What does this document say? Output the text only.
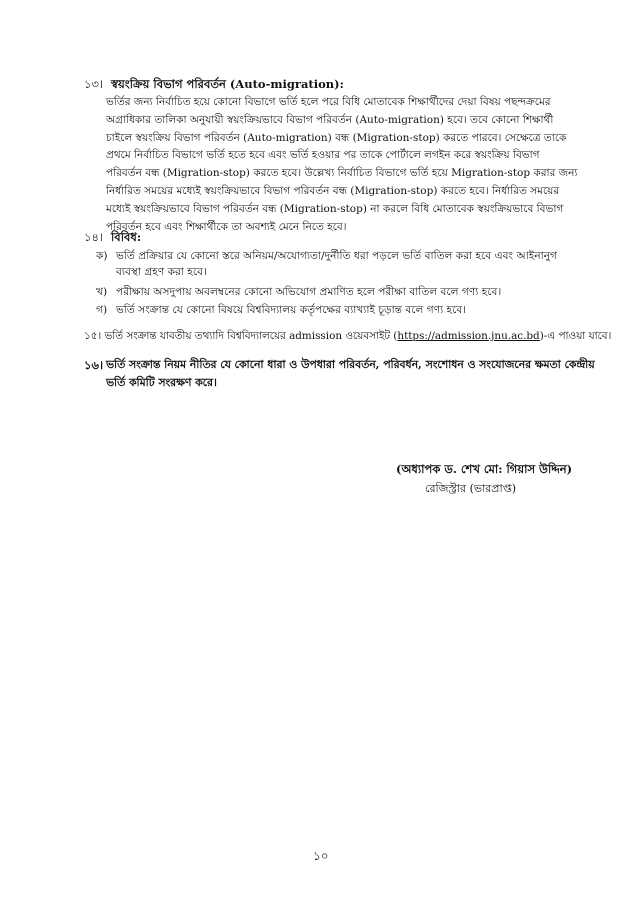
১৩। স্বয়ংক্রিয় বিভাগ পরিবর্তন (Auto-migration):
ভর্তির জন্য নির্বাচিত হয়ে কোনো বিভাগে ভর্তি হলে পরে বিধি মোতাবেক শিক্ষার্থীদের দেয়া বিষয় পছন্দক্রমের
অগ্রাধিকার তালিকা অনুযায়ী স্বয়ংক্রিয়ভাবে বিভাগ পরিবর্তন (Auto-migration) হবে। তবে কোনো শিক্ষার্থী
চাইলে স্বয়ংক্রিয় বিভাগ পরিবর্তন (Auto-migration) বন্ধ (Migration-stop) করতে পারবে। সেক্ষেত্রে তাকে
প্রথমে নির্বাচিত বিভাগে ভর্তি হতে হবে এবং ভর্তি হওয়ার পর তাকে পোর্টালে লগইন করে স্বয়ংক্রিয় বিভাগ
পরিবর্তন বন্ধ (Migration-stop) করতে হবে। উল্লেখ্য নির্বাচিত বিভাগে ভর্তি হয়ে Migration-stop করার জন্য
নির্ধারিত সময়ের মধ্যেই স্বয়ংক্রিয়ভাবে বিভাগ পরিবর্তন বন্ধ (Migration-stop) করতে হবে। নির্ধারিত সময়ের
মধ্যেই স্বয়ংক্রিয়ভাবে বিভাগ পরিবর্তন বন্ধ (Migration-stop) না করলে বিধি মোতাবেক স্বয়ংক্রিয়ভাবে বিভাগ
পরিবর্তন হবে এবং শিক্ষার্থীকে তা অবশ্যই মেনে নিতে হবে।
১৪। বিবিধ:
ক) ভর্তি প্রক্রিয়ার যে কোনো স্তরে অনিয়ম/অযোগ্যতা/দুর্নীতি ধরা পড়লে ভর্তি বাতিল করা হবে এবং আইনানুগ
ব্যবস্থা গ্রহণ করা হবে।
খ) পরীক্ষায় অসদুপায় অবলম্বনের কোনো অভিযোগ প্রমাণিত হলে পরীক্ষা বাতিল বলে গণ্য হবে।
গ) ভর্তি সংক্রান্ত যে কোনো বিষয়ে বিশ্ববিদ্যালয় কর্তৃপক্ষের ব্যাখ্যাই চূড়ান্ত বলে গণ্য হবে।
১৫। ভর্তি সংক্রান্ত যাবতীয় তথ্যাদি বিশ্ববিদ্যালয়ের admission ওয়েবসাইট (https://admission.jnu.ac.bd)-এ পাওয়া যাবে।
১৬। ভর্তি সংক্রান্ত নিয়ম নীতির যে কোনো ধারা ও উপধারা পরিবর্তন, পরিবর্ধন, সংশোধন ও সংযোজনের ক্ষমতা কেন্দ্রীয়
ভর্তি কমিটি সংরক্ষণ করে।
(অধ্যাপক ড. শেখ মো: গিয়াস উদ্দিন)
রেজিস্ট্রার (ভারপ্রাপ্ত)
১০
